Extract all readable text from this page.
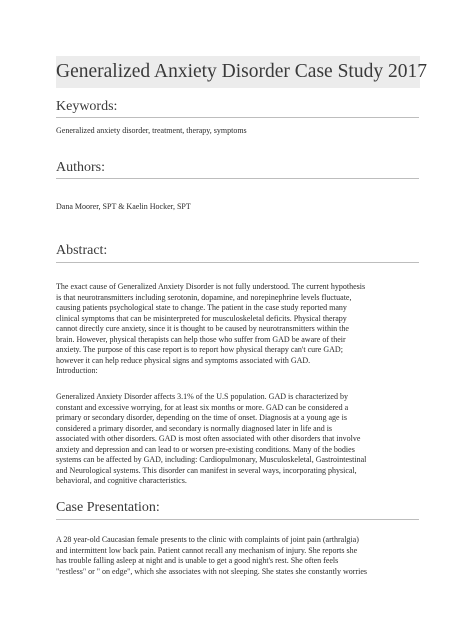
Generalized Anxiety Disorder Case Study 2017
Keywords:
Generalized anxiety disorder, treatment, therapy, symptoms
Authors:
Dana Moorer, SPT & Kaelin Hocker, SPT
Abstract:
The exact cause of Generalized Anxiety Disorder is not fully understood. The current hypothesis
is that neurotransmitters including serotonin, dopamine, and norepinephrine levels fluctuate,
causing patients psychological state to change. The patient in the case study reported many
clinical symptoms that can be misinterpreted for musculoskeletal deficits. Physical therapy
cannot directly cure anxiety, since it is thought to be caused by neurotransmitters within the
brain. However, physical therapists can help those who suffer from GAD be aware of their
anxiety. The purpose of this case report is to report how physical therapy can't cure GAD;
however it can help reduce physical signs and symptoms associated with GAD.
Introduction:
Generalized Anxiety Disorder affects 3.1% of the U.S population. GAD is characterized by
constant and excessive worrying, for at least six months or more. GAD can be considered a
primary or secondary disorder, depending on the time of onset. Diagnosis at a young age is
considered a primary disorder, and secondary is normally diagnosed later in life and is
associated with other disorders. GAD is most often associated with other disorders that involve
anxiety and depression and can lead to or worsen pre-existing conditions. Many of the bodies
systems can be affected by GAD, including: Cardiopulmonary, Musculoskeletal, Gastrointestinal
and Neurological systems. This disorder can manifest in several ways, incorporating physical,
behavioral, and cognitive characteristics.
Case Presentation:
A 28 year-old Caucasian female presents to the clinic with complaints of joint pain (arthralgia)
and intermittent low back pain. Patient cannot recall any mechanism of injury. She reports she
has trouble falling asleep at night and is unable to get a good night's rest. She often feels
"restless" or " on edge", which she associates with not sleeping. She states she constantly worries
